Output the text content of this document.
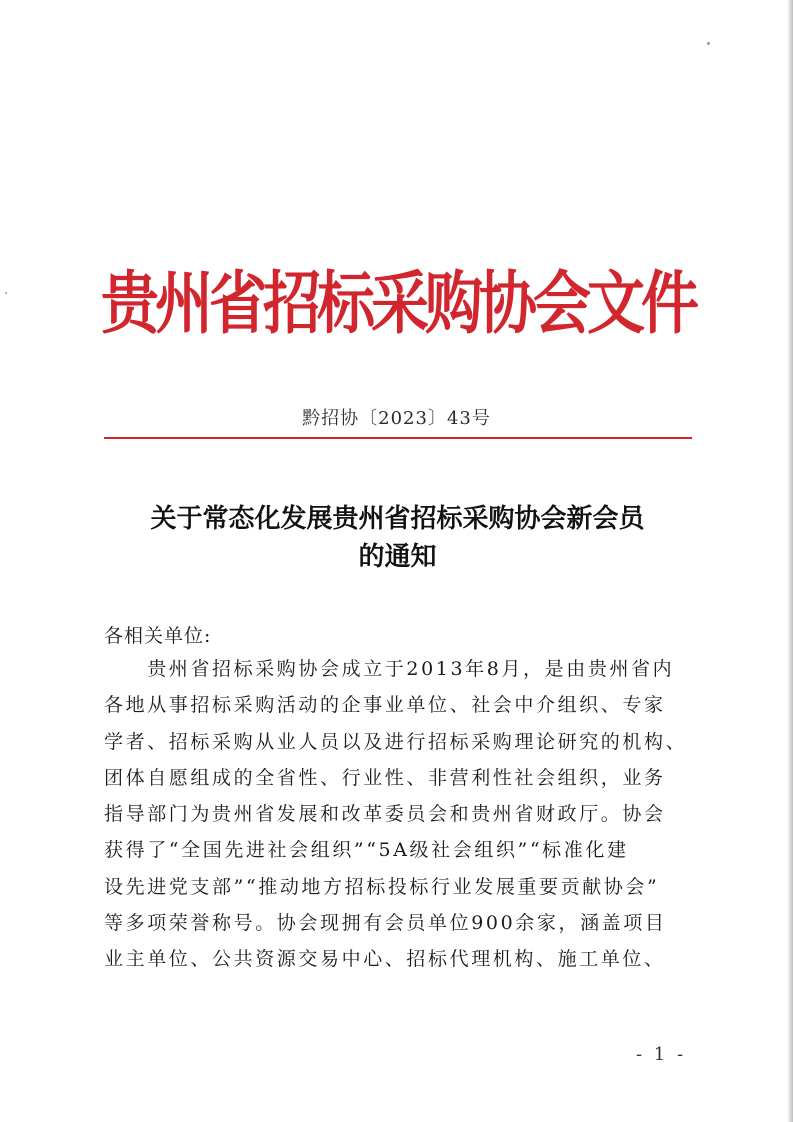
贵州省招标采购协会文件
黔招协〔2023〕43号
关于常态化发展贵州省招标采购协会新会员
的通知
各相关单位:
　　贵州省招标采购协会成立于2013年8月，是由贵州省内
各地从事招标采购活动的企事业单位、社会中介组织、专家
学者、招标采购从业人员以及进行招标采购理论研究的机构、
团体自愿组成的全省性、行业性、非营利性社会组织，业务
指导部门为贵州省发展和改革委员会和贵州省财政厅。协会
获得了“全国先进社会组织”“5A级社会组织”“标准化建
设先进党支部”“推动地方招标投标行业发展重要贡献协会”
等多项荣誉称号。协会现拥有会员单位900余家，涵盖项目
业主单位、公共资源交易中心、招标代理机构、施工单位、
- 1 -
